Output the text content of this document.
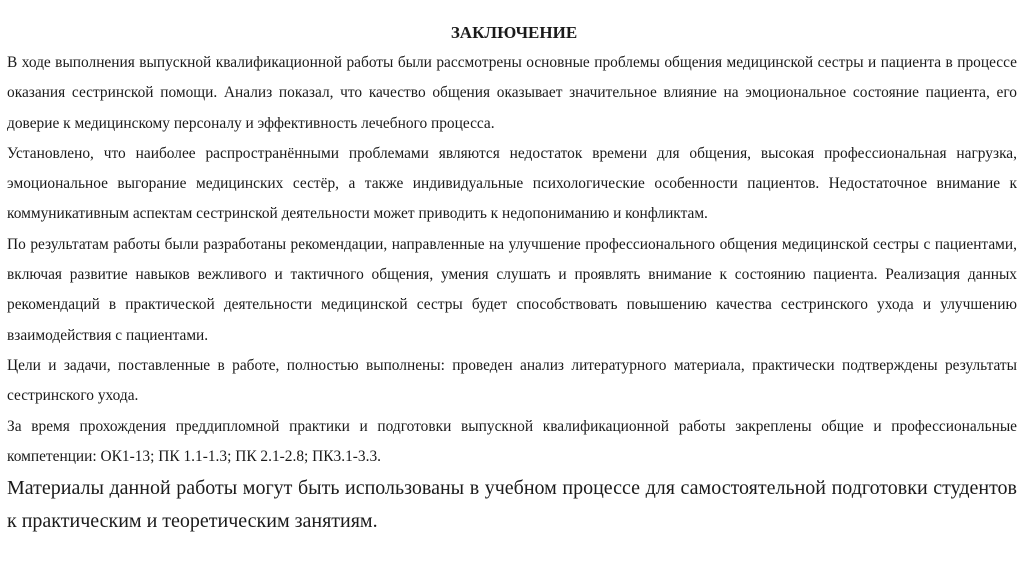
ЗАКЛЮЧЕНИЕ

В ходе выполнения выпускной квалификационной работы были рассмотрены основные проблемы общения медицинской сестры и пациента в процессе оказания сестринской помощи. Анализ показал, что качество общения оказывает значительное влияние на эмоциональное состояние пациента, его доверие к медицинскому персоналу и эффективность лечебного процесса.

Установлено, что наиболее распространёнными проблемами являются недостаток времени для общения, высокая профессиональная нагрузка, эмоциональное выгорание медицинских сестёр, а также индивидуальные психологические особенности пациентов. Недостаточное внимание к коммуникативным аспектам сестринской деятельности может приводить к недопониманию и конфликтам.

По результатам работы были разработаны рекомендации, направленные на улучшение профессионального общения медицинской сестры с пациентами, включая развитие навыков вежливого и тактичного общения, умения слушать и проявлять внимание к состоянию пациента. Реализация данных рекомендаций в практической деятельности медицинской сестры будет способствовать повышению качества сестринского ухода и улучшению взаимодействия с пациентами.

Цели и задачи, поставленные в работе, полностью выполнены: проведен анализ литературного материала, практически подтверждены результаты сестринского ухода.

За время прохождения преддипломной практики и подготовки выпускной квалификационной работы закреплены общие и профессиональные компетенции: ОК1-13; ПК 1.1-1.3; ПК 2.1-2.8; ПК3.1-3.3.

Материалы данной работы могут быть использованы в учебном процессе для самостоятельной подготовки студентов к практическим и теоретическим занятиям.
